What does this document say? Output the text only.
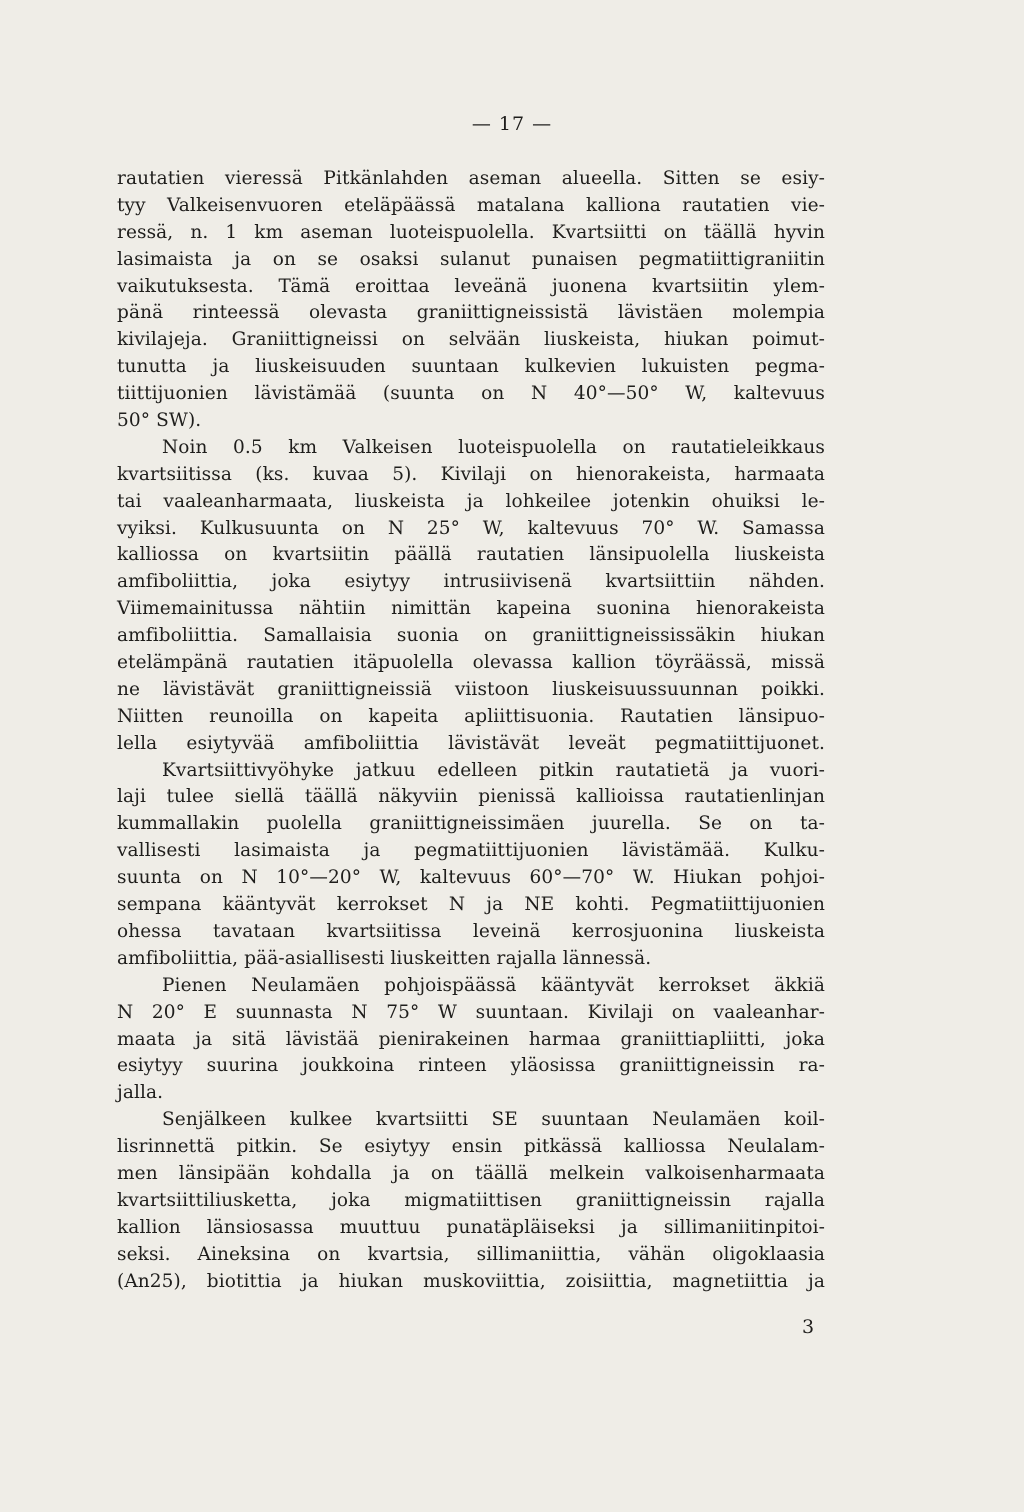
— 17 —
rautatien vieressä Pitkänlahden aseman alueella. Sitten se esiy-
tyy Valkeisenvuoren eteläpäässä matalana kalliona rautatien vie-
ressä, n. 1 km aseman luoteispuolella. Kvartsiitti on täällä hyvin
lasimaista ja on se osaksi sulanut punaisen pegmatiittigraniitin
vaikutuksesta. Tämä eroittaa leveänä juonena kvartsiitin ylem-
pänä rinteessä olevasta graniittigneissistä lävistäen molempia
kivilajeja. Graniittigneissi on selvään liuskeista, hiukan poimut-
tunutta ja liuskeisuuden suuntaan kulkevien lukuisten pegma-
tiittijuonien lävistämää (suunta on N 40°—50° W, kaltevuus
50° SW).
Noin 0.5 km Valkeisen luoteispuolella on rautatieleikkaus
kvartsiitissa (ks. kuvaa 5). Kivilaji on hienorakeista, harmaata
tai vaaleanharmaata, liuskeista ja lohkeilee jotenkin ohuiksi le-
vyiksi. Kulkusuunta on N 25° W, kaltevuus 70° W. Samassa
kalliossa on kvartsiitin päällä rautatien länsipuolella liuskeista
amfiboliittia, joka esiytyy intrusiivisenä kvartsiittiin nähden.
Viimemainitussa nähtiin nimittän kapeina suonina hienorakeista
amfiboliittia. Samallaisia suonia on graniittigneississäkin hiukan
etelämpänä rautatien itäpuolella olevassa kallion töyräässä, missä
ne lävistävät graniittigneissiä viistoon liuskeisuussuunnan poikki.
Niitten reunoilla on kapeita apliittisuonia. Rautatien länsipuo-
lella esiytyvää amfiboliittia lävistävät leveät pegmatiittijuonet.
Kvartsiittivyöhyke jatkuu edelleen pitkin rautatietä ja vuori-
laji tulee siellä täällä näkyviin pienissä kallioissa rautatienlinjan
kummallakin puolella graniittigneissimäen juurella. Se on ta-
vallisesti lasimaista ja pegmatiittijuonien lävistämää. Kulku-
suunta on N 10°—20° W, kaltevuus 60°—70° W. Hiukan pohjoi-
sempana kääntyvät kerrokset N ja NE kohti. Pegmatiittijuonien
ohessa tavataan kvartsiitissa leveinä kerrosjuonina liuskeista
amfiboliittia, pää-asiallisesti liuskeitten rajalla lännessä.
Pienen Neulamäen pohjoispäässä kääntyvät kerrokset äkkiä
N 20° E suunnasta N 75° W suuntaan. Kivilaji on vaaleanhar-
maata ja sitä lävistää pienirakeinen harmaa graniittiapliitti, joka
esiytyy suurina joukkoina rinteen yläosissa graniittigneissin ra-
jalla.
Senjälkeen kulkee kvartsiitti SE suuntaan Neulamäen koil-
lisrinnettä pitkin. Se esiytyy ensin pitkässä kalliossa Neulalam-
men länsipään kohdalla ja on täällä melkein valkoisenharmaata
kvartsiittiliusketta, joka migmatiittisen graniittigneissin rajalla
kallion länsiosassa muuttuu punatäpläiseksi ja sillimaniitinpitoi-
seksi. Aineksina on kvartsia, sillimaniittia, vähän oligoklaasia
(An25), biotittia ja hiukan muskoviittia, zoisiittia, magnetiittia ja
3
